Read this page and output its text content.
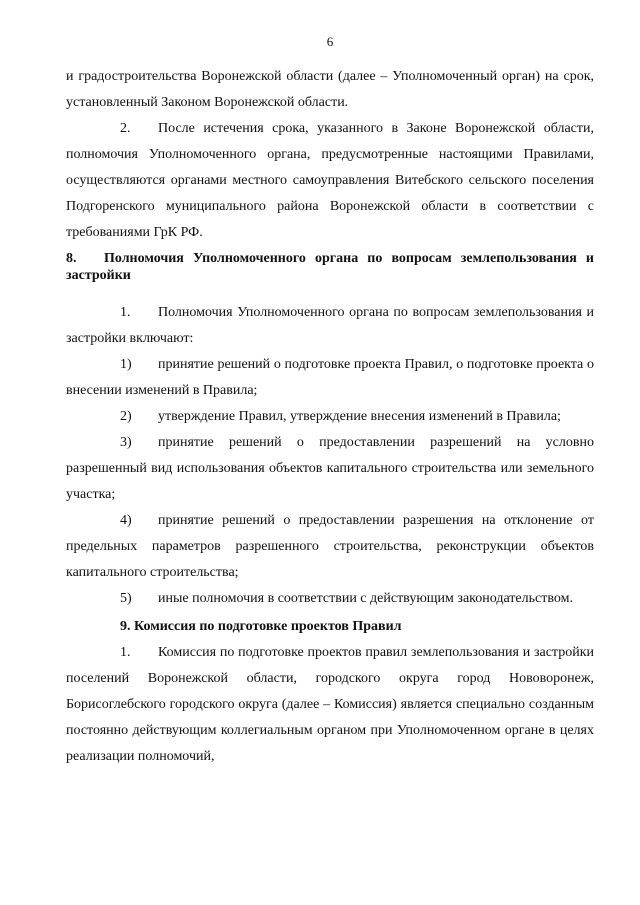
6

и градостроительства Воронежской области (далее – Уполномоченный орган) на срок, установленный Законом Воронежской области.

2. После истечения срока, указанного в Законе Воронежской области, полномочия Уполномоченного органа, предусмотренные настоящими Правилами, осуществляются органами местного самоуправления Витебского сельского поселения Подгоренского муниципального района Воронежской области в соответствии с требованиями ГрК РФ.

8. Полномочия Уполномоченного органа по вопросам землепользования и застройки

1. Полномочия Уполномоченного органа по вопросам землепользования и застройки включают:

1) принятие решений о подготовке проекта Правил, о подготовке проекта о внесении изменений в Правила;

2) утверждение Правил, утверждение внесения изменений в Правила;

3) принятие решений о предоставлении разрешений на условно разрешенный вид использования объектов капитального строительства или земельного участка;

4) принятие решений о предоставлении разрешения на отклонение от предельных параметров разрешенного строительства, реконструкции объектов капитального строительства;

5) иные полномочия в соответствии с действующим законодательством.

9. Комиссия по подготовке проектов Правил

1. Комиссия по подготовке проектов правил землепользования и застройки поселений Воронежской области, городского округа город Нововоронеж, Борисоглебского городского округа (далее – Комиссия) является специально созданным постоянно действующим коллегиальным органом при Уполномоченном органе в целях реализации полномочий,
